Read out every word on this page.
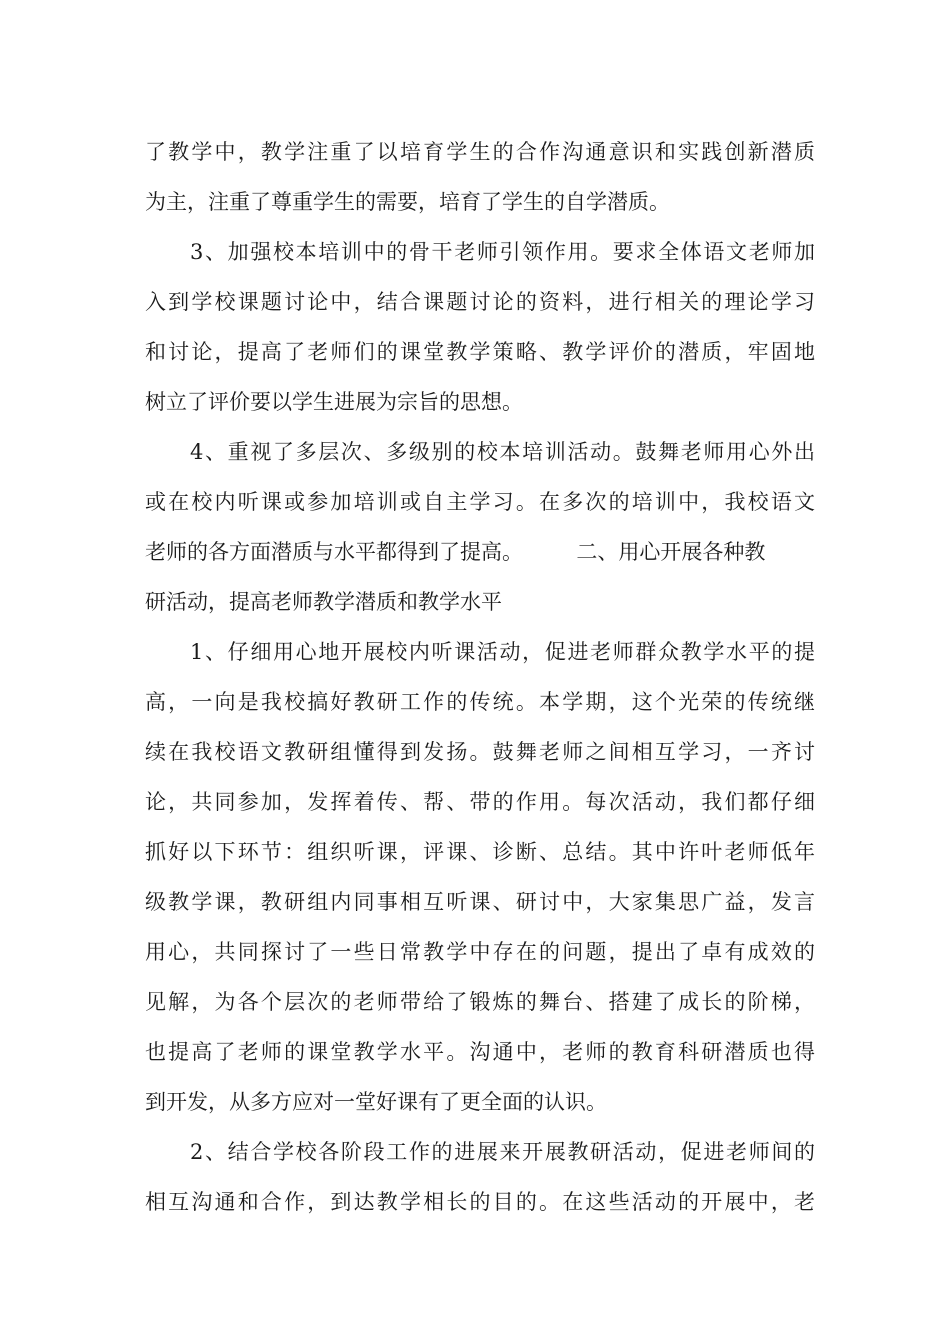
了教学中，教学注重了以培育学生的合作沟通意识和实践创新潜质
为主，注重了尊重学生的需要，培育了学生的自学潜质。
3、加强校本培训中的骨干老师引领作用。要求全体语文老师加
入到学校课题讨论中，结合课题讨论的资料，进行相关的理论学习
和讨论，提高了老师们的课堂教学策略、教学评价的潜质，牢固地
树立了评价要以学生进展为宗旨的思想。
4、重视了多层次、多级别的校本培训活动。鼓舞老师用心外出
或在校内听课或参加培训或自主学习。在多次的培训中，我校语文
老师的各方面潜质与水平都得到了提高。        二、用心开展各种教
研活动，提高老师教学潜质和教学水平
1、仔细用心地开展校内听课活动，促进老师群众教学水平的提
高，一向是我校搞好教研工作的传统。本学期，这个光荣的传统继
续在我校语文教研组懂得到发扬。鼓舞老师之间相互学习，一齐讨
论，共同参加，发挥着传、帮、带的作用。每次活动，我们都仔细
抓好以下环节：组织听课，评课、诊断、总结。其中许叶老师低年
级教学课，教研组内同事相互听课、研讨中，大家集思广益，发言
用心，共同探讨了一些日常教学中存在的问题，提出了卓有成效的
见解，为各个层次的老师带给了锻炼的舞台、搭建了成长的阶梯，
也提高了老师的课堂教学水平。沟通中，老师的教育科研潜质也得
到开发，从多方应对一堂好课有了更全面的认识。
2、结合学校各阶段工作的进展来开展教研活动，促进老师间的
相互沟通和合作，到达教学相长的目的。在这些活动的开展中，老
